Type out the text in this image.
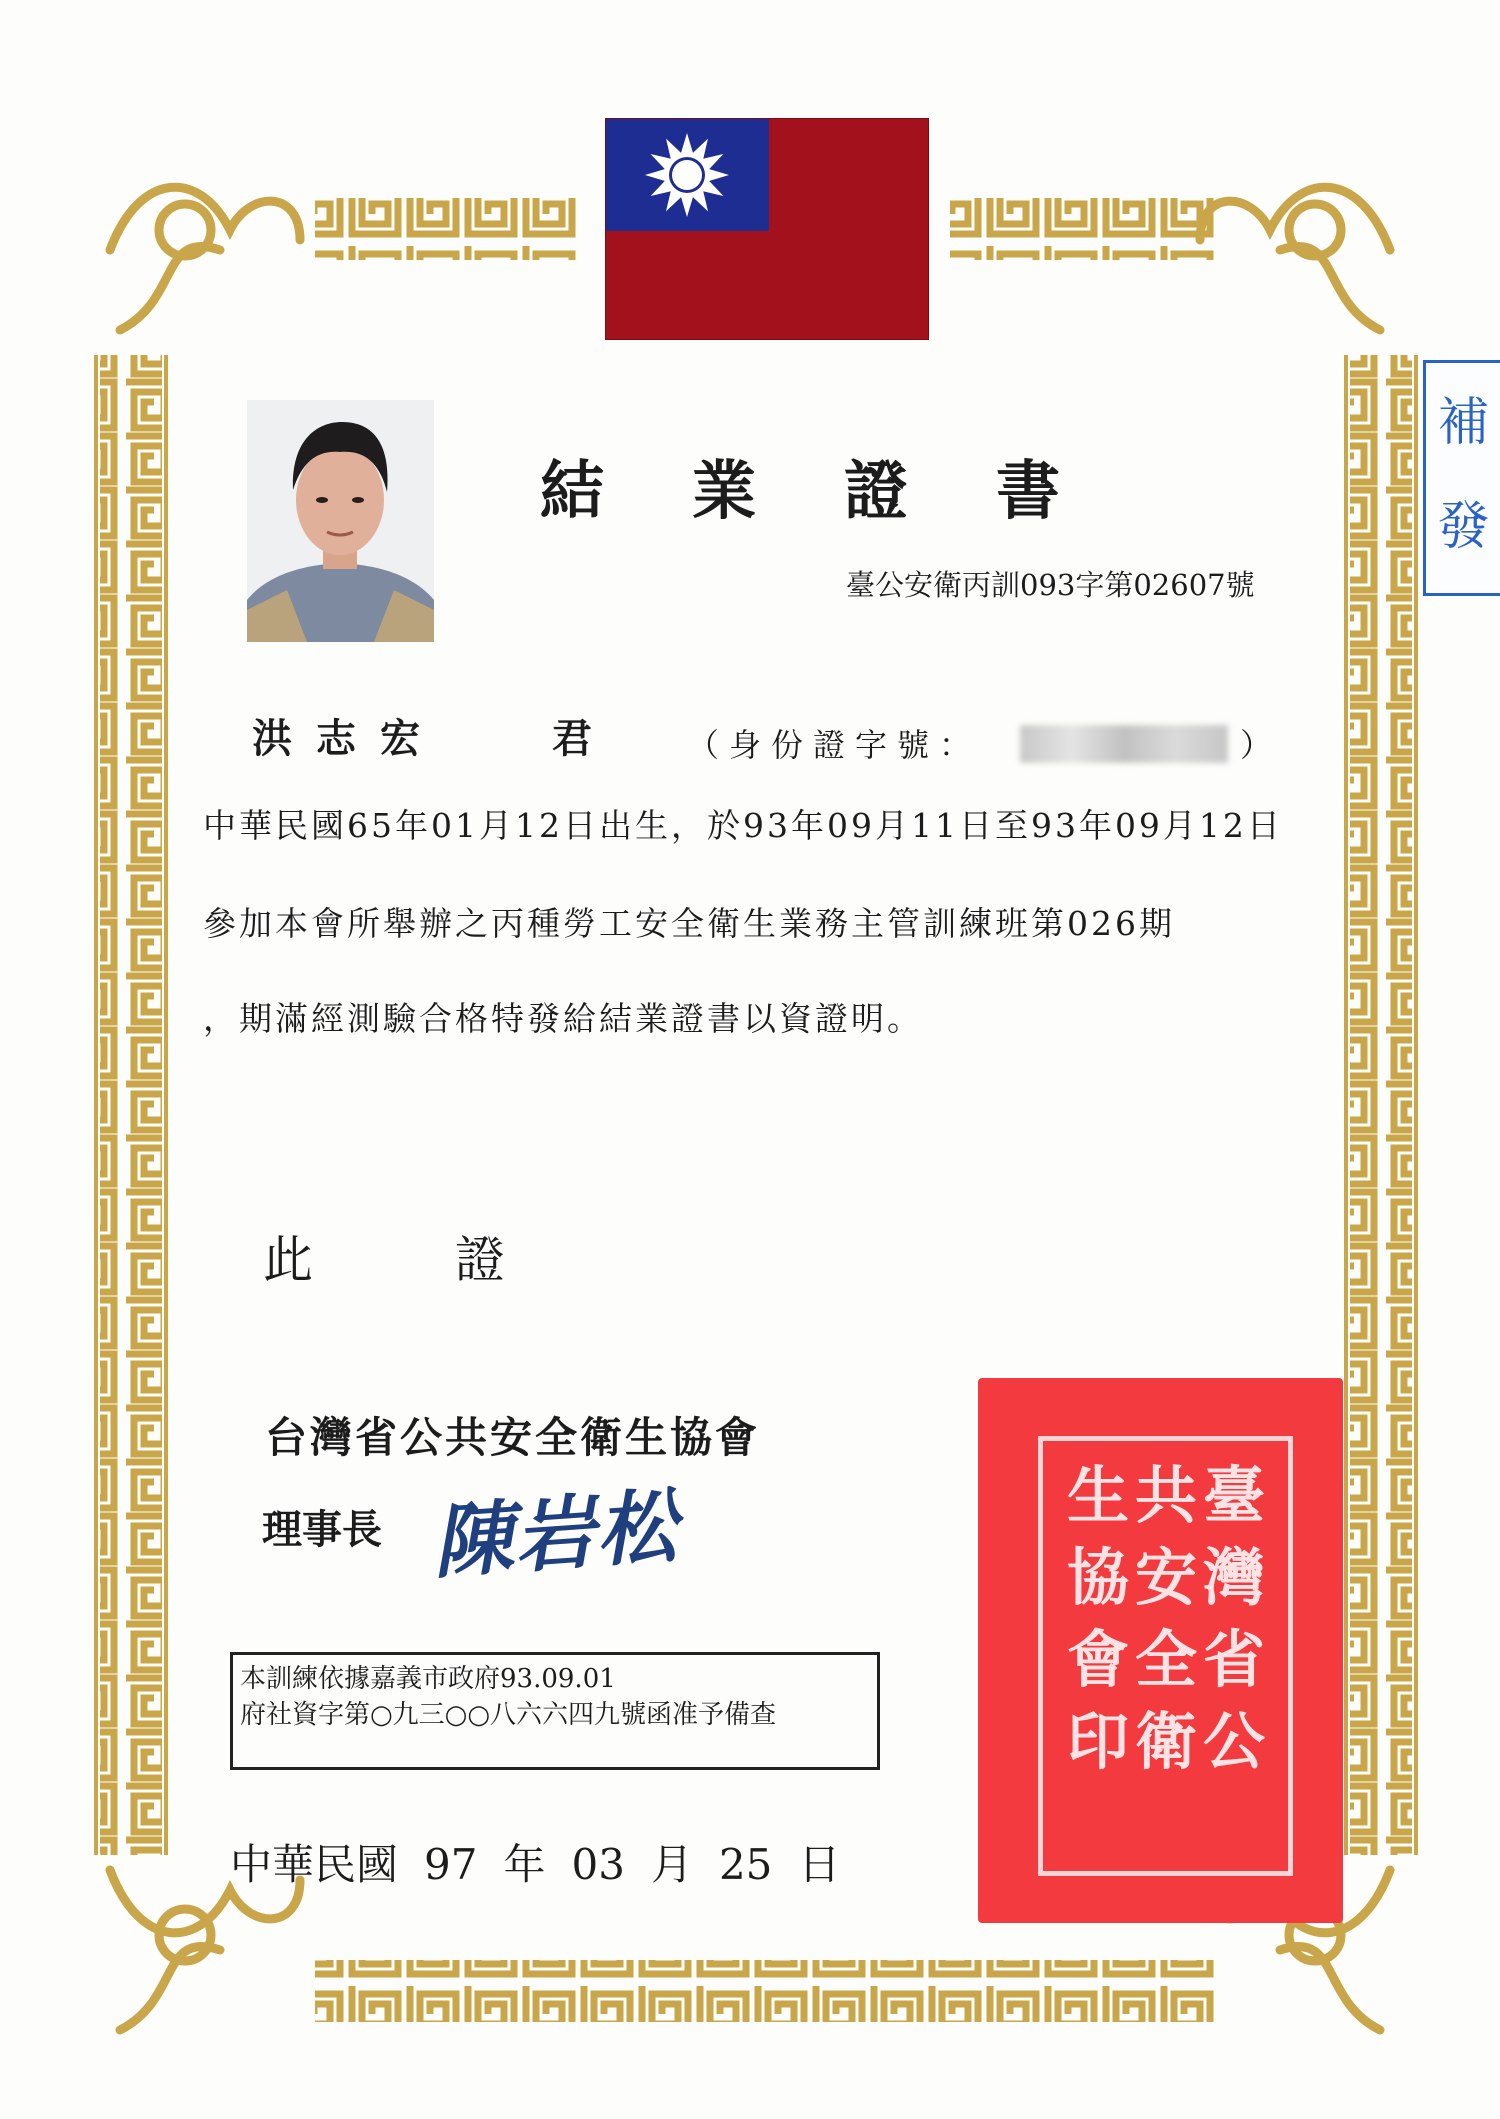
結 業 證 書
臺公安衛丙訓093字第02607號
補
發
洪志宏	君	（身份證字號：	）
中華民國65年01月12日出生，於93年09月11日至93年09月12日
參加本會所舉辦之丙種勞工安全衛生業務主管訓練班第026期
，期滿經測驗合格特發給結業證書以資證明。
此	證
台灣省公共安全衛生協會
理事長 陳岩松
本訓練依據嘉義市政府93.09.01
府社資字第○九三○○八六六四九號函准予備查
中華民國 97 年 03 月 25 日
臺
灣
省
公
共
安
全
衛
生
協
會
印
